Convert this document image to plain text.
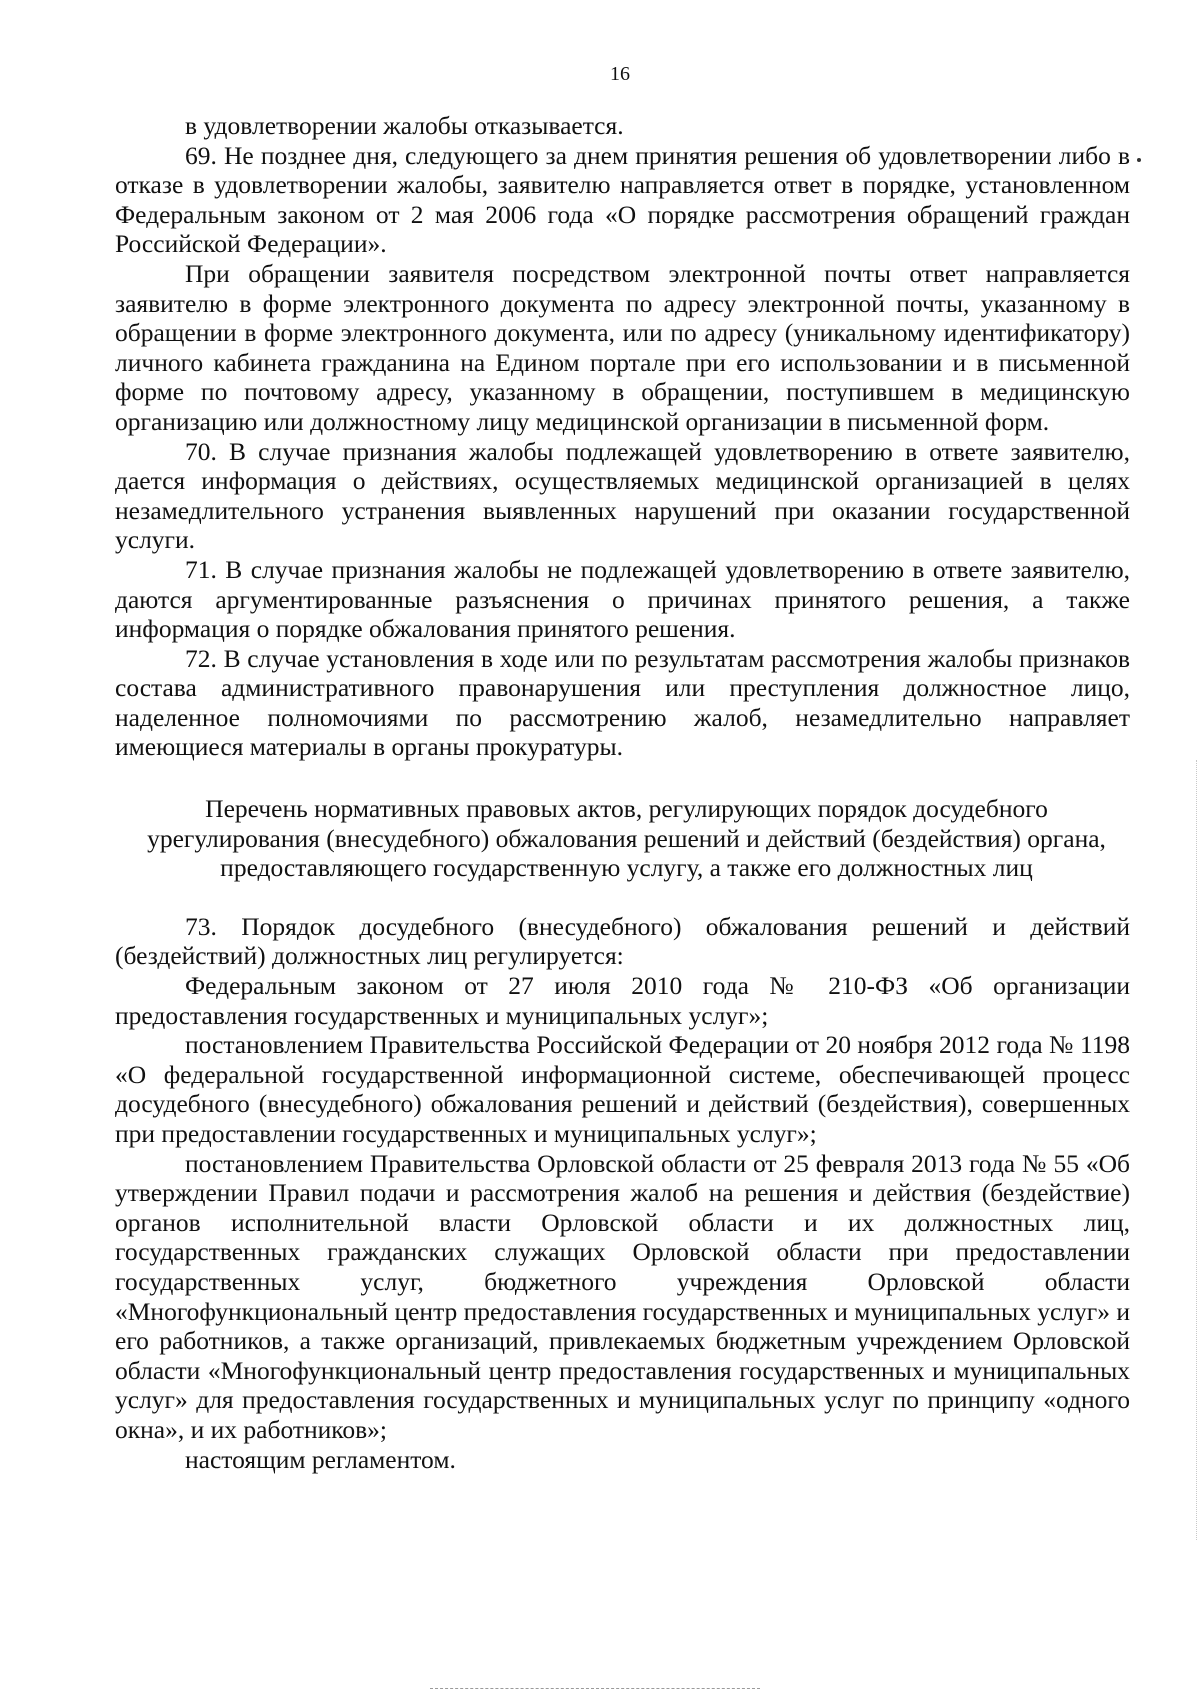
16

в удовлетворении жалобы отказывается.

69. Не позднее дня, следующего за днем принятия решения об удовлетворении либо в отказе в удовлетворении жалобы, заявителю направляется ответ в порядке, установленном Федеральным законом от 2 мая 2006 года «О порядке рассмотрения обращений граждан Российской Федерации».

При обращении заявителя посредством электронной почты ответ направляется заявителю в форме электронного документа по адресу электронной почты, указанному в обращении в форме электронного документа, или по адресу (уникальному идентификатору) личного кабинета гражданина на Едином портале при его использовании и в письменной форме по почтовому адресу, указанному в обращении, поступившем в медицинскую организацию или должностному лицу медицинской организации в письменной форм.

70. В случае признания жалобы подлежащей удовлетворению в ответе заявителю, дается информация о действиях, осуществляемых медицинской организацией в целях незамедлительного устранения выявленных нарушений при оказании государственной услуги.

71. В случае признания жалобы не подлежащей удовлетворению в ответе заявителю, даются аргументированные разъяснения о причинах принятого решения, а также информация о порядке обжалования принятого решения.

72. В случае установления в ходе или по результатам рассмотрения жалобы признаков состава административного правонарушения или преступления должностное лицо, наделенное полномочиями по рассмотрению жалоб, незамедлительно направляет имеющиеся материалы в органы прокуратуры.

Перечень нормативных правовых актов, регулирующих порядок досудебного
урегулирования (внесудебного) обжалования решений и действий (бездействия) органа,
предоставляющего государственную услугу, а также его должностных лиц

73. Порядок досудебного (внесудебного) обжалования решений и действий (бездействий) должностных лиц регулируется:

Федеральным законом от 27 июля 2010 года № 210-ФЗ «Об организации предоставления государственных и муниципальных услуг»;

постановлением Правительства Российской Федерации от 20 ноября 2012 года № 1198 «О федеральной государственной информационной системе, обеспечивающей процесс досудебного (внесудебного) обжалования решений и действий (бездействия), совершенных при предоставлении государственных и муниципальных услуг»;

постановлением Правительства Орловской области от 25 февраля 2013 года № 55 «Об утверждении Правил подачи и рассмотрения жалоб на решения и действия (бездействие) органов исполнительной власти Орловской области и их должностных лиц, государственных гражданских служащих Орловской области при предоставлении государственных услуг, бюджетного учреждения Орловской области «Многофункциональный центр предоставления государственных и муниципальных услуг» и его работников, а также организаций, привлекаемых бюджетным учреждением Орловской области «Многофункциональный центр предоставления государственных и муниципальных услуг» для предоставления государственных и муниципальных услуг по принципу «одного окна», и их работников»;

настоящим регламентом.
